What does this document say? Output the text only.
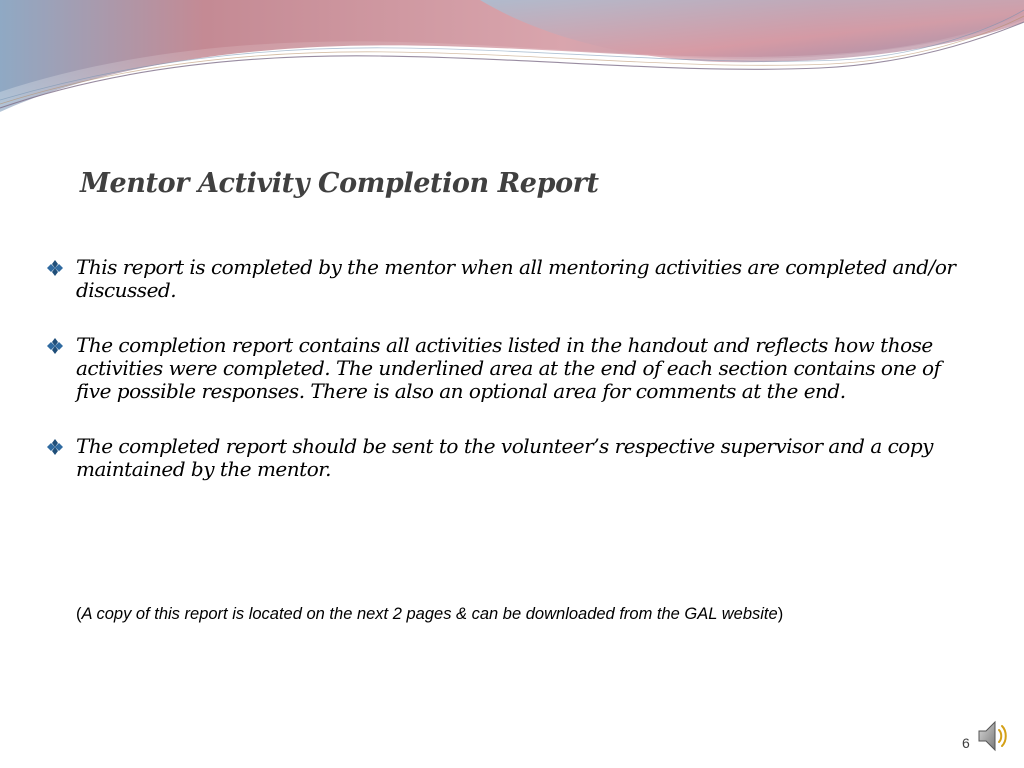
Mentor Activity Completion Report
This report is completed by the mentor when all mentoring activities are completed and/or discussed.
The completion report contains all activities listed in the handout and reflects how those activities were completed. The underlined area at the end of each section contains one of five possible responses. There is also an optional area for comments at the end.
The completed report should be sent to the volunteer’s respective supervisor and a copy maintained by the mentor.

(A copy of this report is located on the next 2 pages & can be downloaded from the GAL website)

6
